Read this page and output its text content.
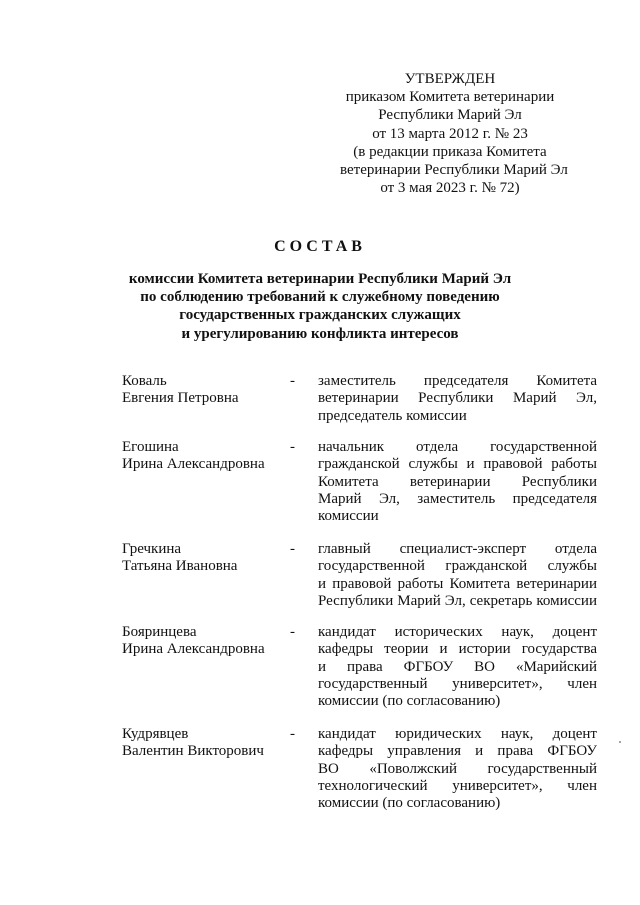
УТВЕРЖДЕН
приказом Комитета ветеринарии
Республики Марий Эл
от 13 марта 2012 г. № 23
(в редакции приказа Комитета
ветеринарии Республики Марий Эл
от 3 мая 2023 г. № 72)
СОСТАВ
комиссии Комитета ветеринарии Республики Марий Эл
по соблюдению требований к служебному поведению
государственных гражданских служащих
и урегулированию конфликта интересов
Коваль
Евгения Петровна
- заместитель председателя Комитета
ветеринарии Республики Марий Эл,
председатель комиссии
Егошина
Ирина Александровна
- начальник отдела государственной
гражданской службы и правовой работы
Комитета ветеринарии Республики
Марий Эл, заместитель председателя
комиссии
Гречкина
Татьяна Ивановна
- главный специалист-эксперт отдела
государственной гражданской службы
и правовой работы Комитета ветеринарии
Республики Марий Эл, секретарь комиссии
Бояринцева
Ирина Александровна
- кандидат исторических наук, доцент
кафедры теории и истории государства
и права ФГБОУ ВО «Марийский
государственный университет», член
комиссии (по согласованию)
Кудрявцев
Валентин Викторович
- кандидат юридических наук, доцент
кафедры управления и права ФГБОУ
ВО «Поволжский государственный
технологический университет», член
комиссии (по согласованию)
